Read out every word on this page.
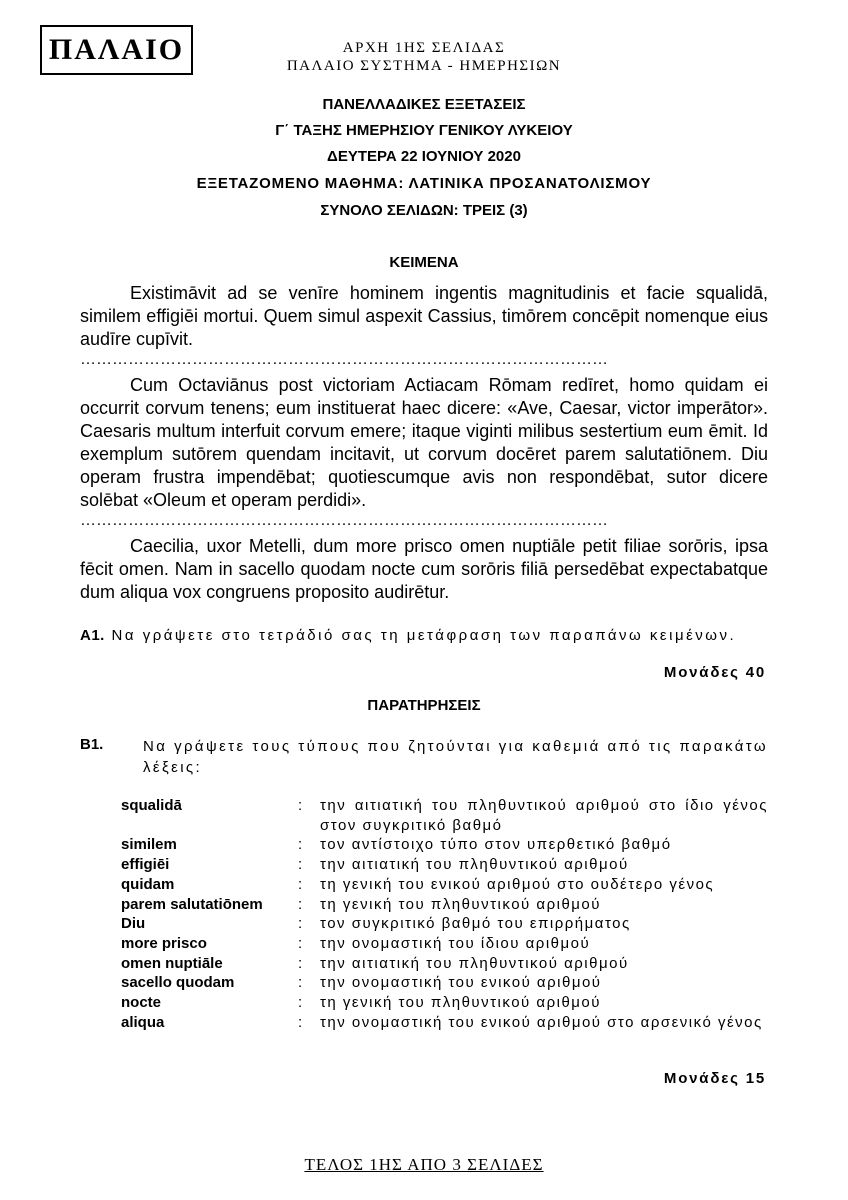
ΠΑΛΑΙΟ	ΑΡΧΗ 1ΗΣ ΣΕΛΙΔΑΣ
ΠΑΛΑΙΟ ΣΥΣΤΗΜΑ - ΗΜΕΡΗΣΙΩΝ
ΠΑΝΕΛΛΑΔΙΚΕΣ ΕΞΕΤΑΣΕΙΣ
Γ΄ ΤΑΞΗΣ ΗΜΕΡΗΣΙΟΥ ΓΕΝΙΚΟΥ ΛΥΚΕΙΟΥ
ΔΕΥΤΕΡΑ 22 ΙΟΥΝΙΟΥ 2020
ΕΞΕΤΑΖΟΜΕΝΟ ΜΑΘΗΜΑ: ΛΑΤΙΝΙΚΑ ΠΡΟΣΑΝΑΤΟΛΙΣΜΟΥ
ΣΥΝΟΛΟ ΣΕΛΙΔΩΝ: ΤΡΕΙΣ (3)
ΚΕΙΜΕΝΑ
Existimāvit ad se venīre hominem ingentis magnitudinis et facie squalidā, similem effigiēi mortui. Quem simul aspexit Cassius, timōrem concēpit nomenque eius audīre cupīvit.
………………………………………………………………………………………
Cum Octaviānus post victoriam Actiacam Rōmam redīret, homo quidam ei occurrit corvum tenens; eum instituerat haec dicere: «Ave, Caesar, victor imperātor». Caesaris multum interfuit corvum emere; itaque viginti milibus sestertium eum ēmit. Id exemplum sutōrem quendam incitavit, ut corvum docēret parem salutatiōnem. Diu operam frustra impendēbat; quotiescumque avis non respondēbat, sutor dicere solēbat «Oleum et operam perdidi».
………………………………………………………………………………………
Caecilia, uxor Metelli, dum more prisco omen nuptiāle petit filiae sorōris, ipsa fēcit omen. Nam in sacello quodam nocte cum sorōris filiā persedēbat expectabatque dum aliqua vox congruens proposito audirētur.
Α1. Να γράψετε στο τετράδιό σας τη μετάφραση των παραπάνω κειμένων.
Μονάδες 40
ΠΑΡΑΤΗΡΗΣΕΙΣ
Β1.	Να γράψετε τους τύπους που ζητούνται για καθεμιά από τις παρακάτω λέξεις:
squalidā	:	την αιτιατική του πληθυντικού αριθμού στο ίδιο γένος στον συγκριτικό βαθμό
similem	:	τον αντίστοιχο τύπο στον υπερθετικό βαθμό
effigiēi	:	την αιτιατική του πληθυντικού αριθμού
quidam	:	τη γενική του ενικού αριθμού στο ουδέτερο γένος
parem salutatiōnem	:	τη γενική του πληθυντικού αριθμού
Diu	:	τον συγκριτικό βαθμό του επιρρήματος
more prisco	:	την ονομαστική του ίδιου αριθμού
omen nuptiāle	:	την αιτιατική του πληθυντικού αριθμού
sacello quodam	:	την ονομαστική του ενικού αριθμού
nocte	:	τη γενική του πληθυντικού αριθμού
aliqua	:	την ονομαστική του ενικού αριθμού στο αρσενικό γένος
Μονάδες 15
ΤΕΛΟΣ 1ΗΣ ΑΠΟ 3 ΣΕΛΙΔΕΣ
